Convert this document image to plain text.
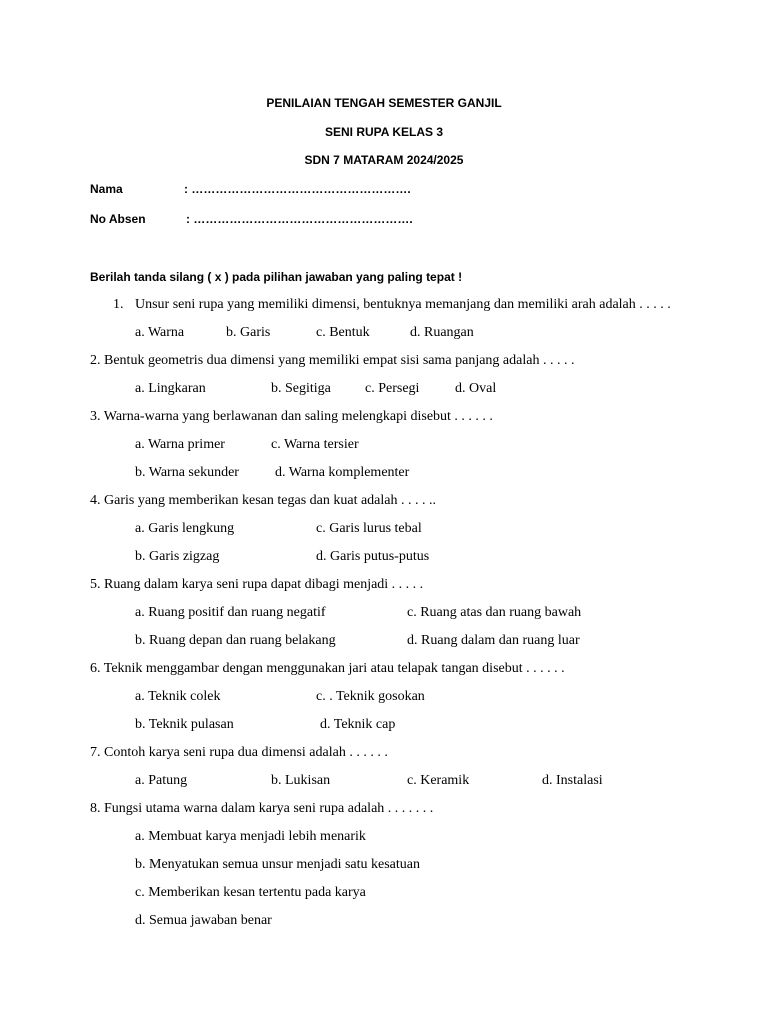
PENILAIAN TENGAH SEMESTER GANJIL
SENI RUPA KELAS 3
SDN 7 MATARAM 2024/2025
Nama	: ……………………………………………….
No Absen	: ……………………………………………….
Berilah tanda silang ( x ) pada pilihan jawaban yang paling tepat !
1. Unsur seni rupa yang memiliki dimensi, bentuknya memanjang dan memiliki arah adalah . . . . .
a. Warna	b. Garis	c. Bentuk	d. Ruangan
2. Bentuk geometris dua dimensi yang memiliki empat sisi sama panjang adalah . . . . .
a. Lingkaran	b. Segitiga c. Persegi	d. Oval
3. Warna-warna yang berlawanan dan saling melengkapi disebut . . . . . .
a. Warna primer	c. Warna tersier
b. Warna sekunder	d. Warna komplementer
4. Garis yang memberikan kesan tegas dan kuat adalah . . . . ..
a. Garis lengkung	c. Garis lurus tebal
b. Garis zigzag	d. Garis putus-putus
5. Ruang dalam karya seni rupa dapat dibagi menjadi . . . . .
a. Ruang positif dan ruang negatif	c. Ruang atas dan ruang bawah
b. Ruang depan dan ruang belakang	d. Ruang dalam dan ruang luar
6. Teknik menggambar dengan menggunakan jari atau telapak tangan disebut . . . . . .
a. Teknik colek	c. . Teknik gosokan
b. Teknik pulasan	d. Teknik cap
7. Contoh karya seni rupa dua dimensi adalah . . . . . .
a. Patung	b. Lukisan	c. Keramik	d. Instalasi
8. Fungsi utama warna dalam karya seni rupa adalah . . . . . . .
a. Membuat karya menjadi lebih menarik
b. Menyatukan semua unsur menjadi satu kesatuan
c. Memberikan kesan tertentu pada karya
d. Semua jawaban benar
